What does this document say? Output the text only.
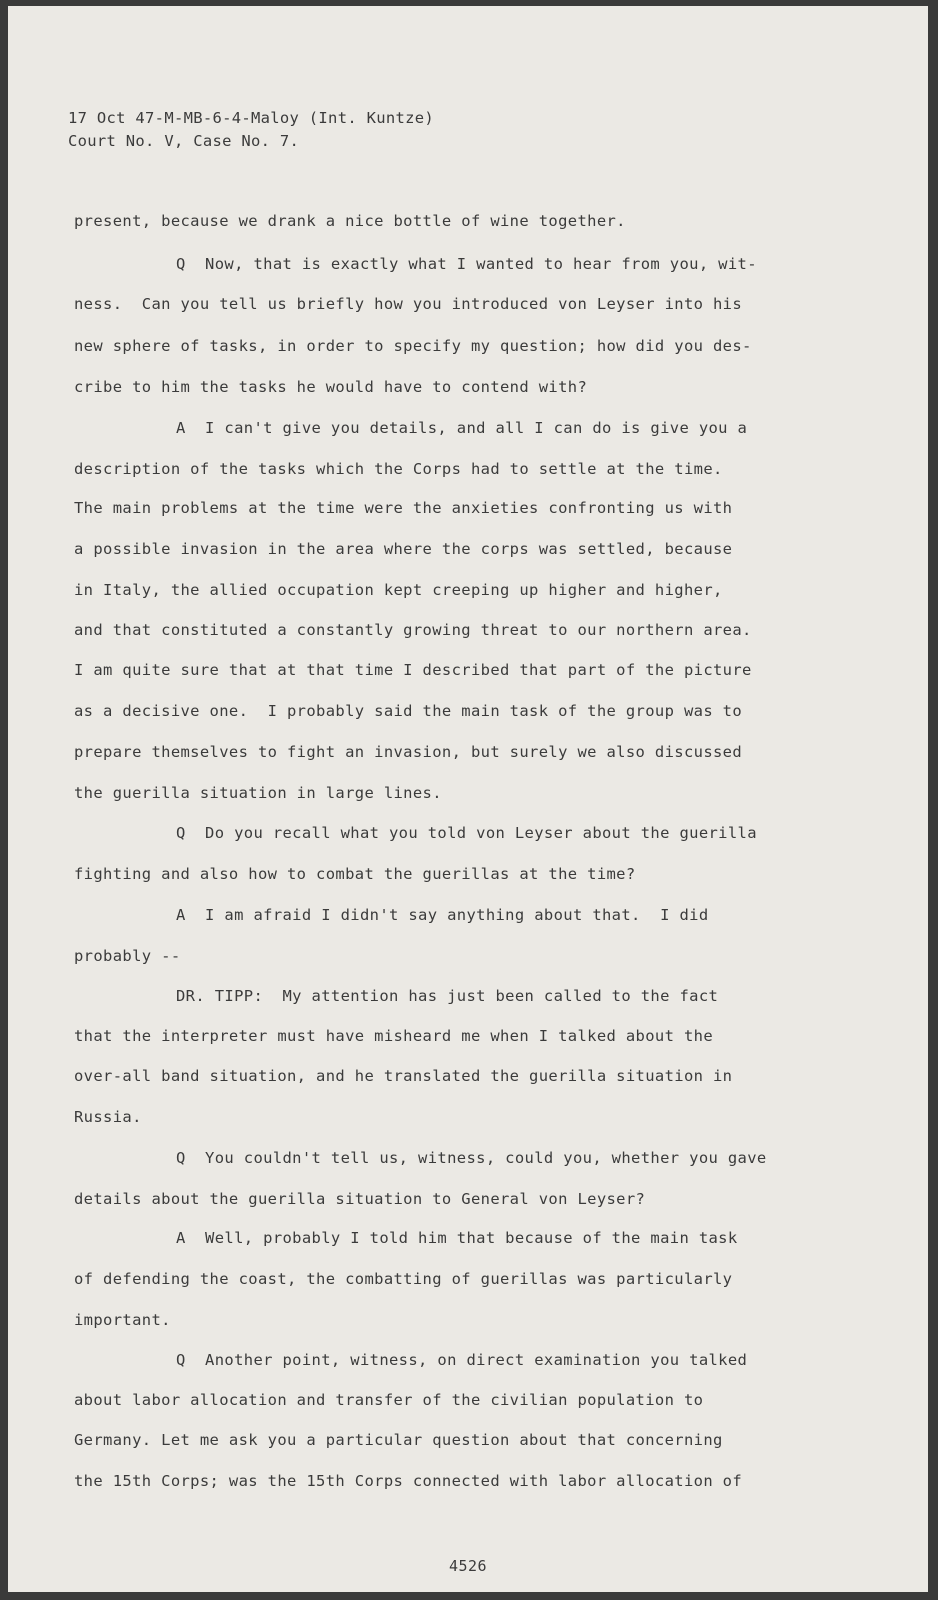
17 Oct 47-M-MB-6-4-Maloy (Int. Kuntze)
Court No. V, Case No. 7.
present, because we drank a nice bottle of wine together.
Q  Now, that is exactly what I wanted to hear from you, wit-
ness.  Can you tell us briefly how you introduced von Leyser into his
new sphere of tasks, in order to specify my question; how did you des-
cribe to him the tasks he would have to contend with?
A  I can't give you details, and all I can do is give you a
description of the tasks which the Corps had to settle at the time.
The main problems at the time were the anxieties confronting us with
a possible invasion in the area where the corps was settled, because
in Italy, the allied occupation kept creeping up higher and higher,
and that constituted a constantly growing threat to our northern area.
I am quite sure that at that time I described that part of the picture
as a decisive one.  I probably said the main task of the group was to
prepare themselves to fight an invasion, but surely we also discussed
the guerilla situation in large lines.
Q  Do you recall what you told von Leyser about the guerilla
fighting and also how to combat the guerillas at the time?
A  I am afraid I didn't say anything about that.  I did
probably --
DR. TIPP:  My attention has just been called to the fact
that the interpreter must have misheard me when I talked about the
over-all band situation, and he translated the guerilla situation in
Russia.
Q  You couldn't tell us, witness, could you, whether you gave
details about the guerilla situation to General von Leyser?
A  Well, probably I told him that because of the main task
of defending the coast, the combatting of guerillas was particularly
important.
Q  Another point, witness, on direct examination you talked
about labor allocation and transfer of the civilian population to
Germany. Let me ask you a particular question about that concerning
the 15th Corps; was the 15th Corps connected with labor allocation of
4526
